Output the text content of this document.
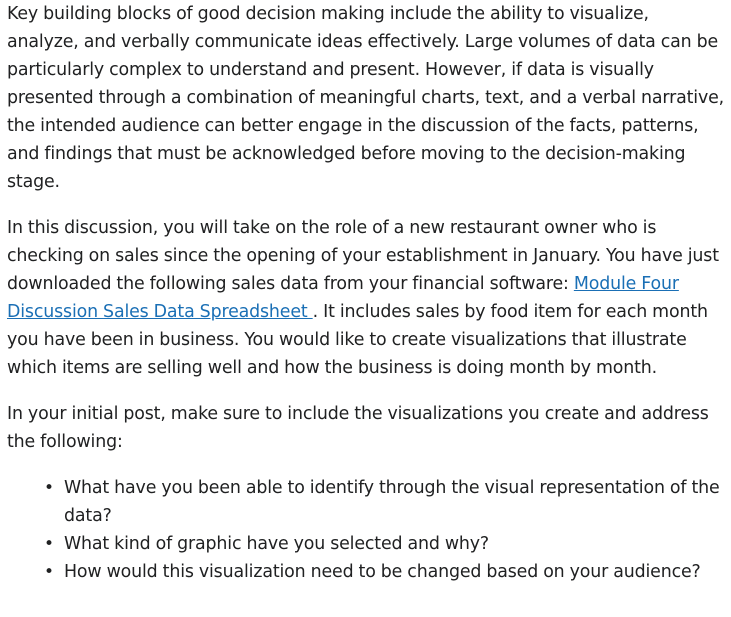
Key building blocks of good decision making include the ability to visualize, analyze, and verbally communicate ideas effectively. Large volumes of data can be particularly complex to understand and present. However, if data is visually presented through a combination of meaningful charts, text, and a verbal narrative, the intended audience can better engage in the discussion of the facts, patterns, and findings that must be acknowledged before moving to the decision-making stage.

In this discussion, you will take on the role of a new restaurant owner who is checking on sales since the opening of your establishment in January. You have just downloaded the following sales data from your financial software: Module Four Discussion Sales Data Spreadsheet . It includes sales by food item for each month you have been in business. You would like to create visualizations that illustrate which items are selling well and how the business is doing month by month.

In your initial post, make sure to include the visualizations you create and address the following:

• What have you been able to identify through the visual representation of the data?
• What kind of graphic have you selected and why?
• How would this visualization need to be changed based on your audience?
